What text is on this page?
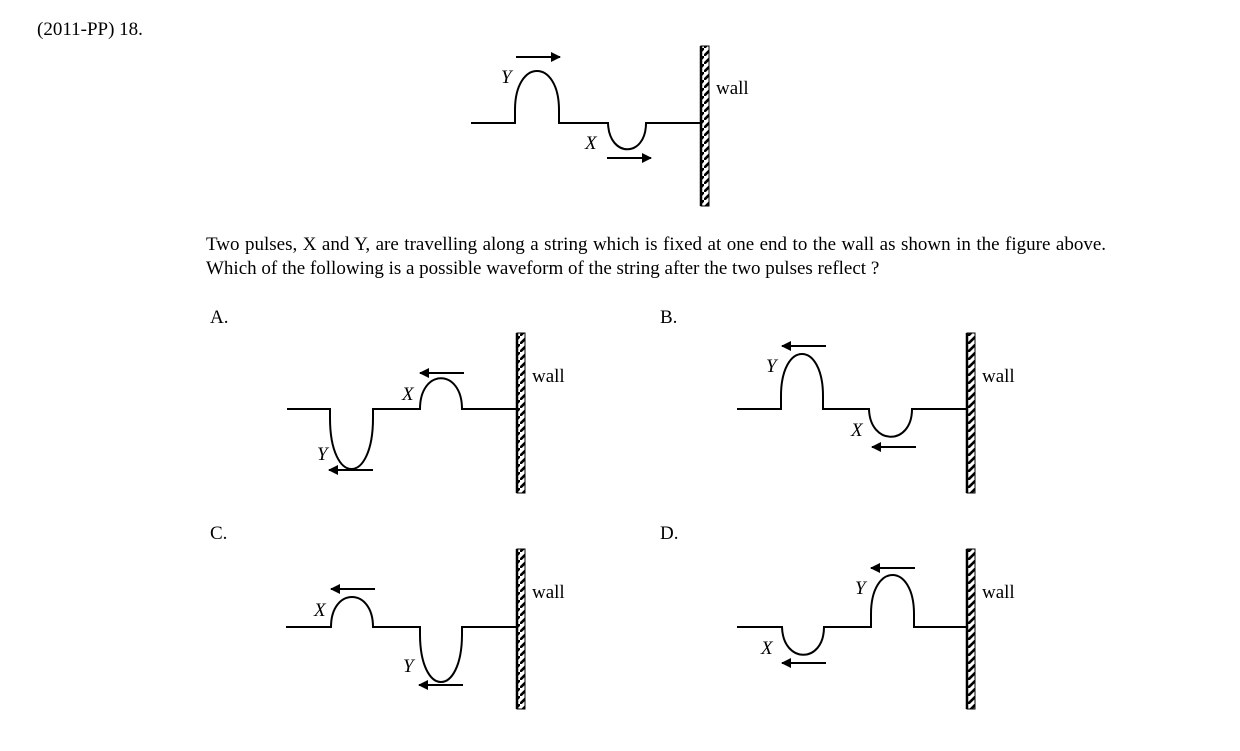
(2011-PP) 18.
Y
X
wall
X
Y
wall	Y
X
wall
X
Y
wall	Y
X
wall
Two pulses, X and Y, are travelling along a string which is fixed at one end to the wall as shown in the figure above. Which of the following is a possible waveform of the string after the two pulses reflect ?
A.	B.
C.	D.
